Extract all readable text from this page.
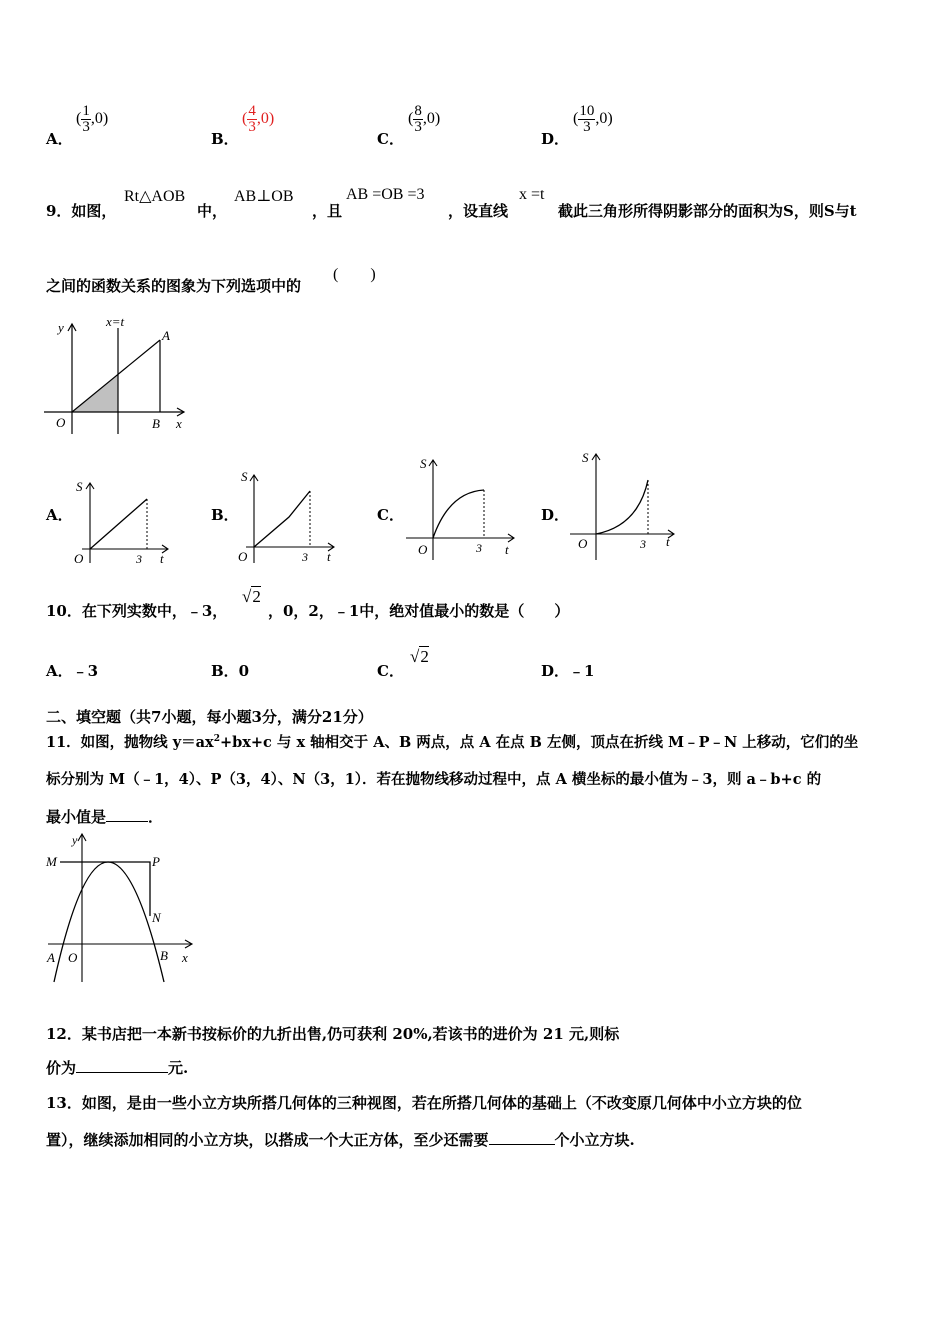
A．
( $\frac{1}{3} ,0$)
B．
( $\frac{4}{3} ,0$)
C．
( $\frac{8}{3} ,0$)
D．
( $\frac{10}{3} ,0$)
9．如图，
Rt△AOB
中，
AB⊥OB
，且
AB =OB =3
，设直线
x =t
截此三角形所得阴影部分的面积为S，则S与t
之间的函数关系的图象为下列选项中的
(　　)
y	x=t
A
O	B x
A．
S
O	3 t
B．
S
O	3 t
C．
S
O	3 t
D．
S
O	3 t
10．在下列实数中，﹣3，
√2
，0，2，﹣1中，绝对值最小的数是（　　）
A．﹣3	B．0	C．
√2
D．﹣1
二、填空题（共7小题，每小题3分，满分21分）
11．如图，抛物线 $y=ax^2+bx+c$ 与 x 轴相交于 A、B 两点，点 A 在点 B 左侧，顶点在折线 M﹣P﹣N 上移动，它们的坐
标分别为 M（﹣1，4）、P（3，4）、N（3，1）．若在抛物线移动过程中，点 A 横坐标的最小值为﹣3，则 a﹣b+c 的
最小值是	．
M
y
P
N
A O	B x
12．某书店把一本新书按标价的九折出售,仍可获利 20%,若该书的进价为 21 元,则标
价为	元.
13．如图，是由一些小立方块所搭几何体的三种视图，若在所搭几何体的基础上（不改变原几何体中小立方块的位
置），继续添加相同的小立方块，以搭成一个大正方体，至少还需要	个小立方块.
